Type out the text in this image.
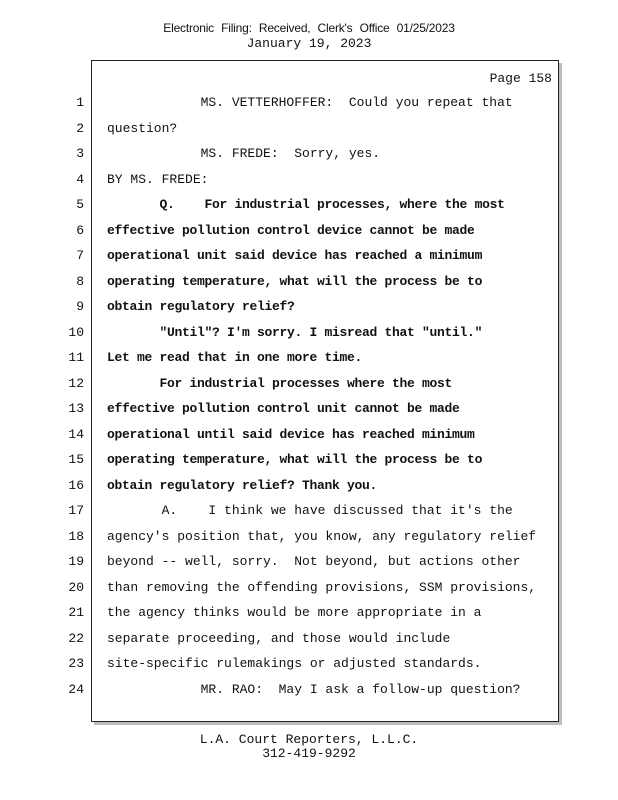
Electronic Filing: Received, Clerk's Office 01/25/2023
January 19, 2023
Page 158
1 MS. VETTERHOFFER:  Could you repeat that
2 question?
3 MS. FREDE:  Sorry, yes.
4 BY MS. FREDE:
5 Q.    For industrial processes, where the most
6 effective pollution control device cannot be made
7 operational unit said device has reached a minimum
8 operating temperature, what will the process be to
9 obtain regulatory relief?
10 "Until"? I'm sorry. I misread that "until."
11 Let me read that in one more time.
12 For industrial processes where the most
13 effective pollution control unit cannot be made
14 operational until said device has reached minimum
15 operating temperature, what will the process be to
16 obtain regulatory relief? Thank you.
17 A.    I think we have discussed that it's the
18 agency's position that, you know, any regulatory relief
19 beyond -- well, sorry.  Not beyond, but actions other
20 than removing the offending provisions, SSM provisions,
21 the agency thinks would be more appropriate in a
22 separate proceeding, and those would include
23 site-specific rulemakings or adjusted standards.
24 MR. RAO:  May I ask a follow-up question?
L.A. Court Reporters, L.L.C.
312-419-9292
